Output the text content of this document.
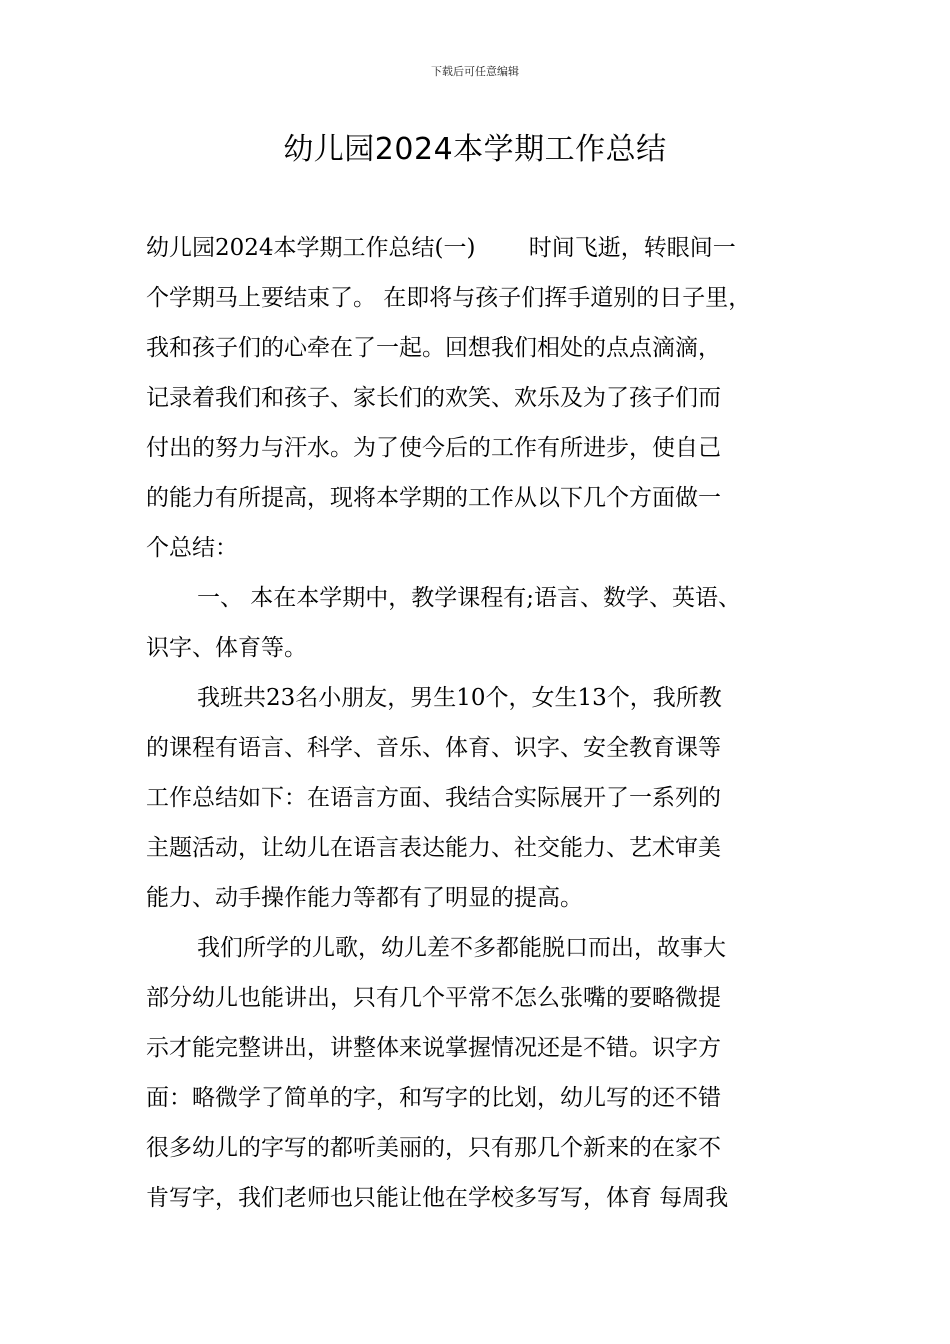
下载后可任意编辑
幼儿园2024本学期工作总结
幼儿园2024本学期工作总结(一)　　 时间飞逝，转眼间一
个学期马上要结束了。 在即将与孩子们挥手道别的日子里，
我和孩子们的心牵在了一起。回想我们相处的点点滴滴，
记录着我们和孩子、家长们的欢笑、欢乐及为了孩子们而
付出的努力与汗水。为了使今后的工作有所进步，使自己
的能力有所提高，现将本学期的工作从以下几个方面做一
个总结：
一、 本在本学期中，教学课程有;语言、数学、英语、
识字、体育等。
我班共23名小朋友，男生10个，女生13个，我所教
的课程有语言、科学、音乐、体育、识字、安全教育课等
工作总结如下：在语言方面、我结合实际展开了一系列的
主题活动，让幼儿在语言表达能力、社交能力、艺术审美
能力、动手操作能力等都有了明显的提高。
我们所学的儿歌，幼儿差不多都能脱口而出，故事大
部分幼儿也能讲出，只有几个平常不怎么张嘴的要略微提
示才能完整讲出，讲整体来说掌握情况还是不错。识字方
面：略微学了简单的字，和写字的比划，幼儿写的还不错
很多幼儿的字写的都听美丽的，只有那几个新来的在家不
肯写字，我们老师也只能让他在学校多写写，体育 每周我
